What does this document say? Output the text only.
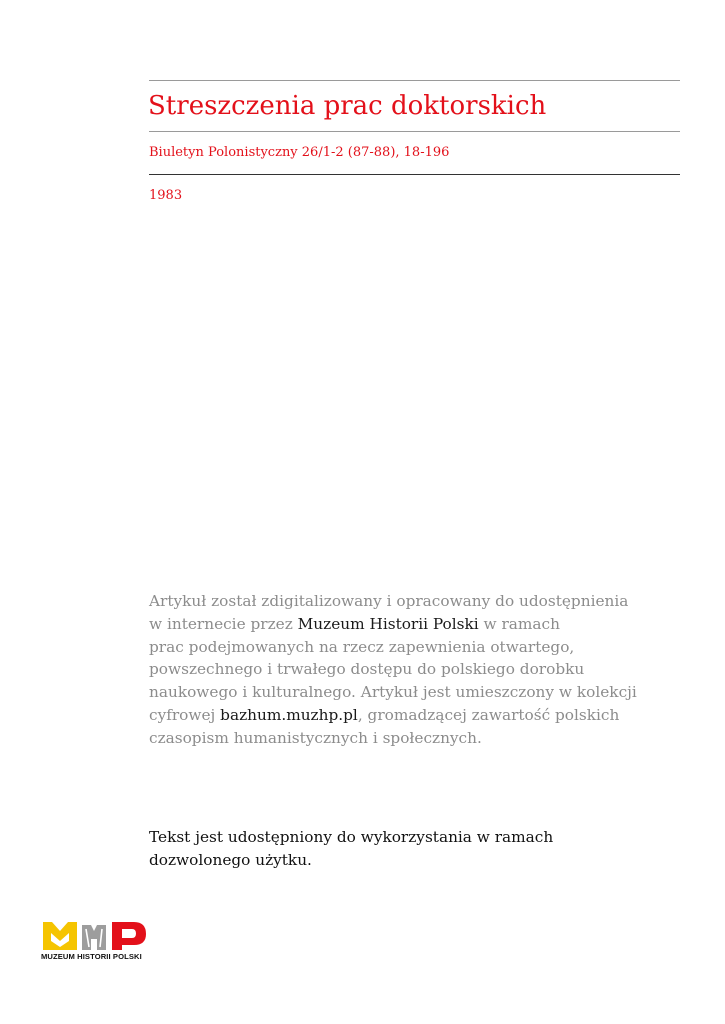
Streszczenia prac doktorskich
Biuletyn Polonistyczny 26/1-2 (87-88), 18-196
1983
Artykuł został zdigitalizowany i opracowany do udostępnienia
w internecie przez Muzeum Historii Polski w ramach
prac podejmowanych na rzecz zapewnienia otwartego,
powszechnego i trwałego dostępu do polskiego dorobku
naukowego i kulturalnego. Artykuł jest umieszczony w kolekcji
cyfrowej bazhum.muzhp.pl, gromadzącej zawartość polskich
czasopism humanistycznych i społecznych.
Tekst jest udostępniony do wykorzystania w ramach
dozwolonego użytku.
MUZEUM HISTORII POLSKI
